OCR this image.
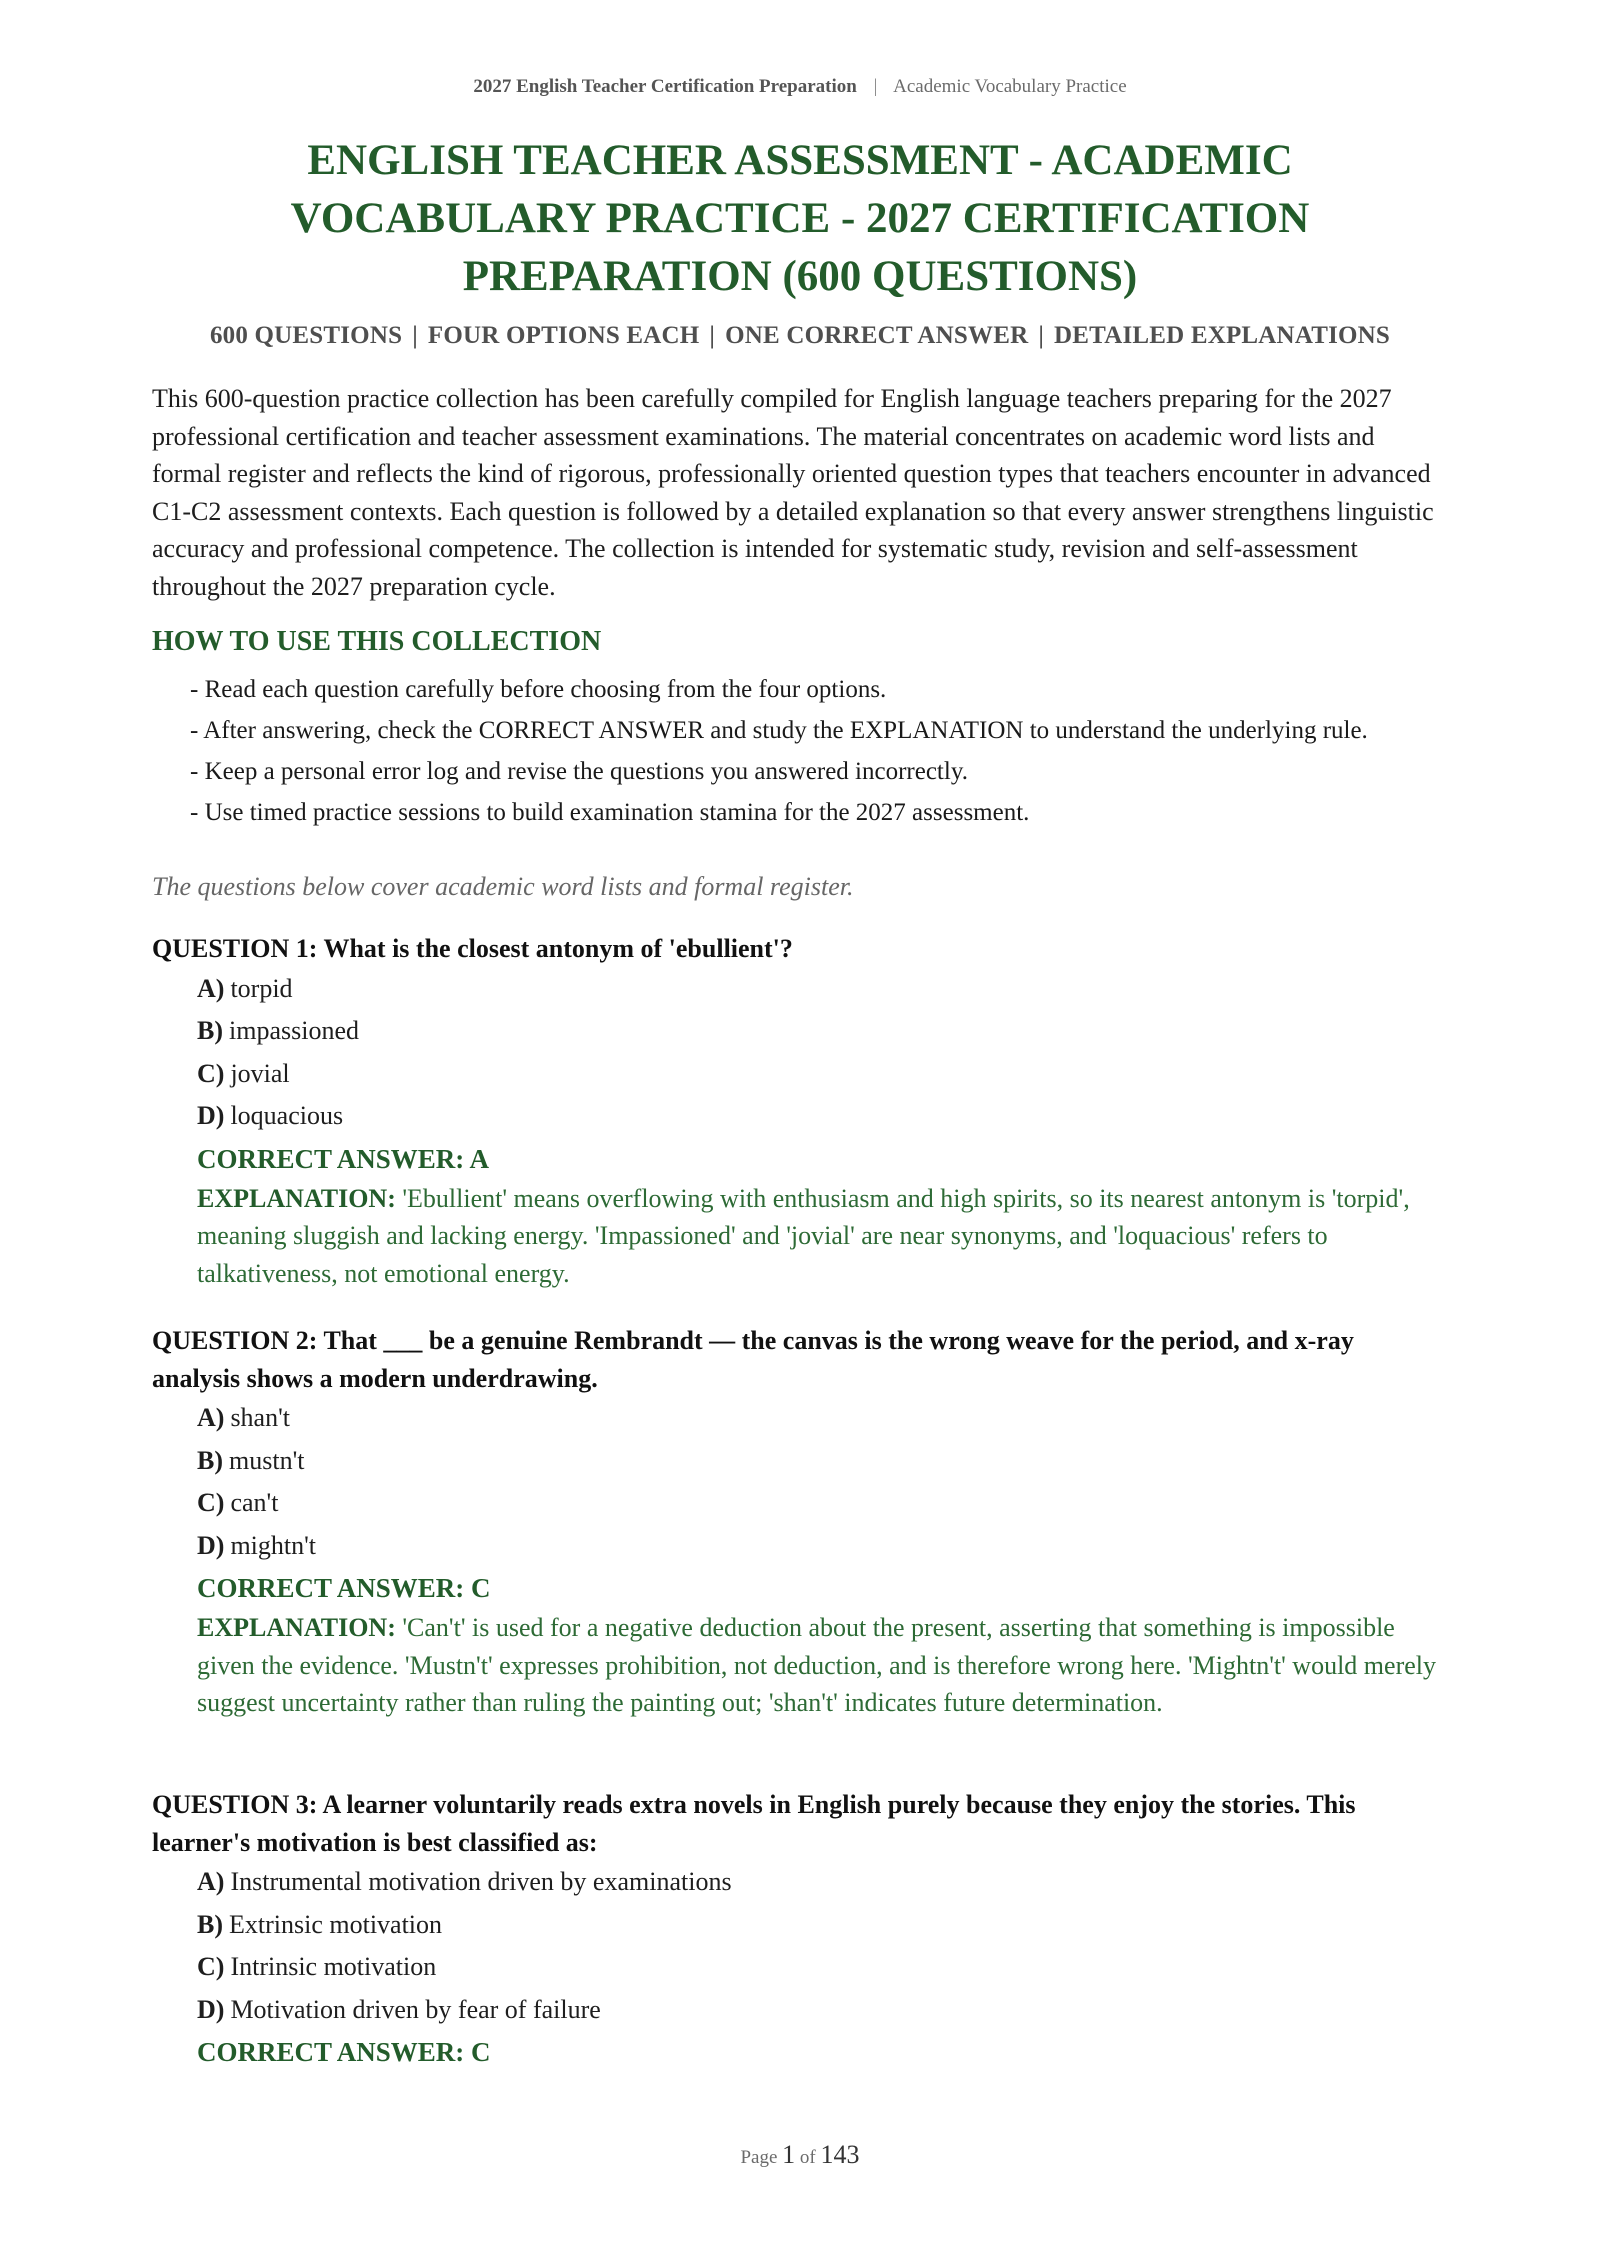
2027 English Teacher Certification Preparation | Academic Vocabulary Practice
ENGLISH TEACHER ASSESSMENT - ACADEMIC
VOCABULARY PRACTICE - 2027 CERTIFICATION
PREPARATION (600 QUESTIONS)
600 QUESTIONS | FOUR OPTIONS EACH | ONE CORRECT ANSWER | DETAILED EXPLANATIONS

This 600-question practice collection has been carefully compiled for English language teachers preparing for the 2027 professional certification and teacher assessment examinations. The material concentrates on academic word lists and formal register and reflects the kind of rigorous, professionally oriented question types that teachers encounter in advanced C1-C2 assessment contexts. Each question is followed by a detailed explanation so that every answer strengthens linguistic accuracy and professional competence. The collection is intended for systematic study, revision and self-assessment throughout the 2027 preparation cycle.

HOW TO USE THIS COLLECTION
- Read each question carefully before choosing from the four options.
- After answering, check the CORRECT ANSWER and study the EXPLANATION to understand the underlying rule.
- Keep a personal error log and revise the questions you answered incorrectly.
- Use timed practice sessions to build examination stamina for the 2027 assessment.

The questions below cover academic word lists and formal register.

QUESTION 1: What is the closest antonym of 'ebullient'?

A) torpid
B) impassioned
C) jovial
D) loquacious

CORRECT ANSWER: A

EXPLANATION: 'Ebullient' means overflowing with enthusiasm and high spirits, so its nearest antonym is 'torpid', meaning sluggish and lacking energy. 'Impassioned' and 'jovial' are near synonyms, and 'loquacious' refers to talkativeness, not emotional energy.

QUESTION 2: That ___ be a genuine Rembrandt — the canvas is the wrong weave for the period, and x-ray analysis shows a modern underdrawing.

A) shan't
B) mustn't
C) can't
D) mightn't

CORRECT ANSWER: C

EXPLANATION: 'Can't' is used for a negative deduction about the present, asserting that something is impossible given the evidence. 'Mustn't' expresses prohibition, not deduction, and is therefore wrong here. 'Mightn't' would merely suggest uncertainty rather than ruling the painting out; 'shan't' indicates future determination.

QUESTION 3: A learner voluntarily reads extra novels in English purely because they enjoy the stories. This learner's motivation is best classified as:

A) Instrumental motivation driven by examinations
B) Extrinsic motivation
C) Intrinsic motivation
D) Motivation driven by fear of failure

CORRECT ANSWER: C

Page 1 of 143
